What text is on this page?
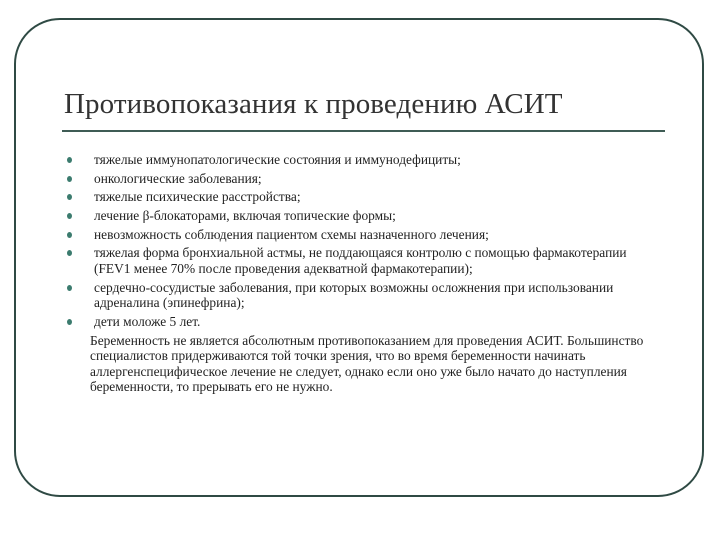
Противопоказания к проведению АСИТ
тяжелые иммунопатологические состояния и иммунодефициты;
онкологические заболевания;
тяжелые психические расстройства;
лечение β-блокаторами, включая топические формы;
невозможность соблюдения пациентом схемы назначенного лечения;
тяжелая форма бронхиальной астмы, не поддающаяся контролю с помощью фармакотерапии (FEV1 менее 70% после проведения адекватной фармакотерапии);
сердечно-сосудистые заболевания, при которых возможны осложнения при использовании адреналина (эпинефрина);
дети моложе 5 лет.
Беременность не является абсолютным противопоказанием для проведения АСИТ. Большинство специалистов придерживаются той точки зрения, что во время беременности начинать аллергенспецифическое лечение не следует, однако если оно уже было начато до наступления беременности, то прерывать его не нужно.
